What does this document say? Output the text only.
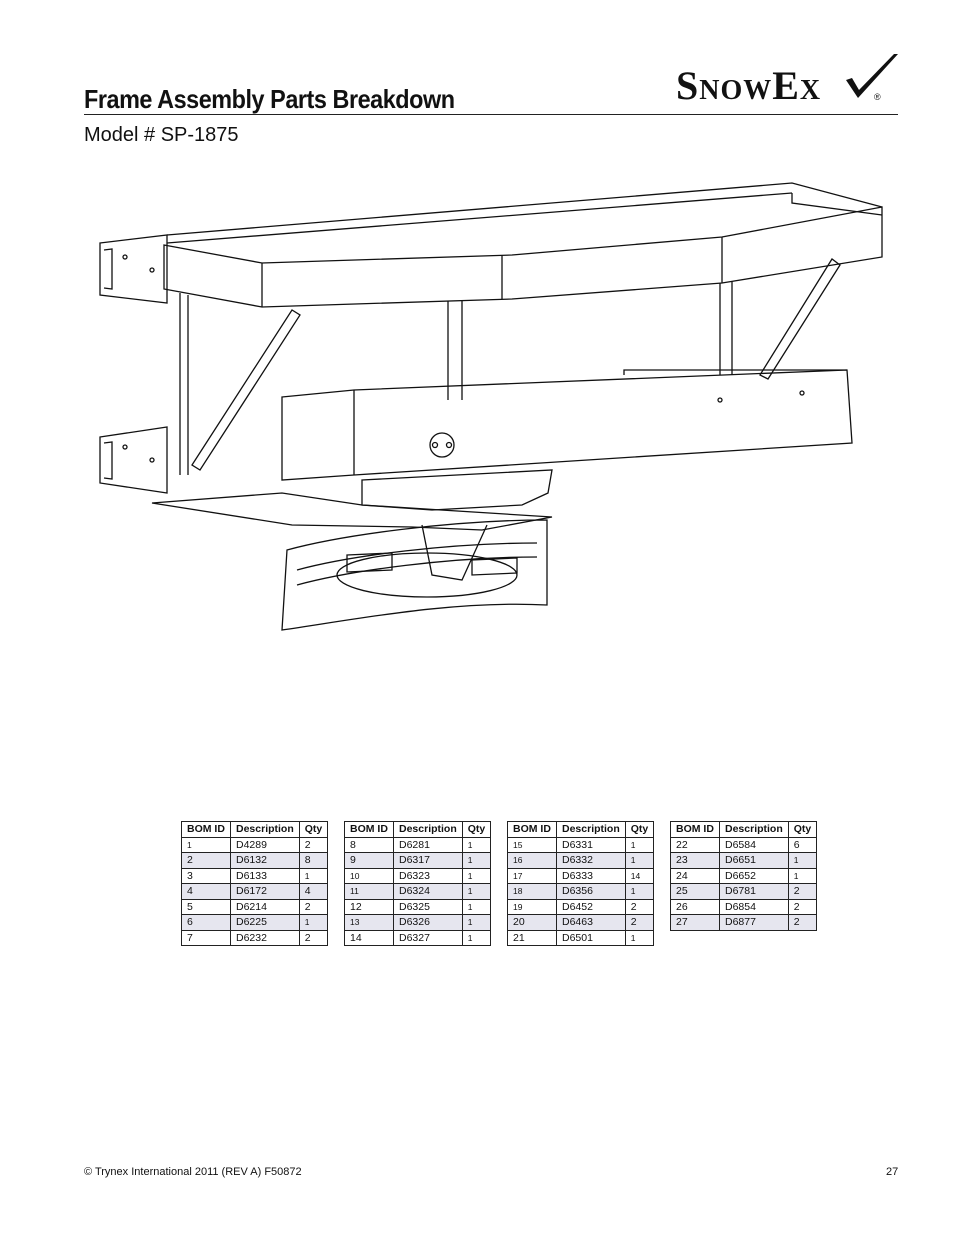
Frame Assembly Parts Breakdown
Model # SP-1875
SnowEx	®
BOM ID	Description	Qty
1	D4289	2
2	D6132	8
3	D6133	1
4	D6172	4
5	D6214	2
6	D6225	1
7	D6232	2
BOM ID	Description	Qty
8	D6281	1
9	D6317	1
10	D6323	1
11	D6324	1
12	D6325	1
13	D6326	1
14	D6327	1
BOM ID	Description	Qty
15	D6331	1
16	D6332	1
17	D6333	14
18	D6356	1
19	D6452	2
20	D6463	2
21	D6501	1
BOM ID	Description	Qty
22	D6584	6
23	D6651	1
24	D6652	1
25	D6781	2
26	D6854	2
27	D6877	2
© Trynex International 2011 (REV A) F50872	27
